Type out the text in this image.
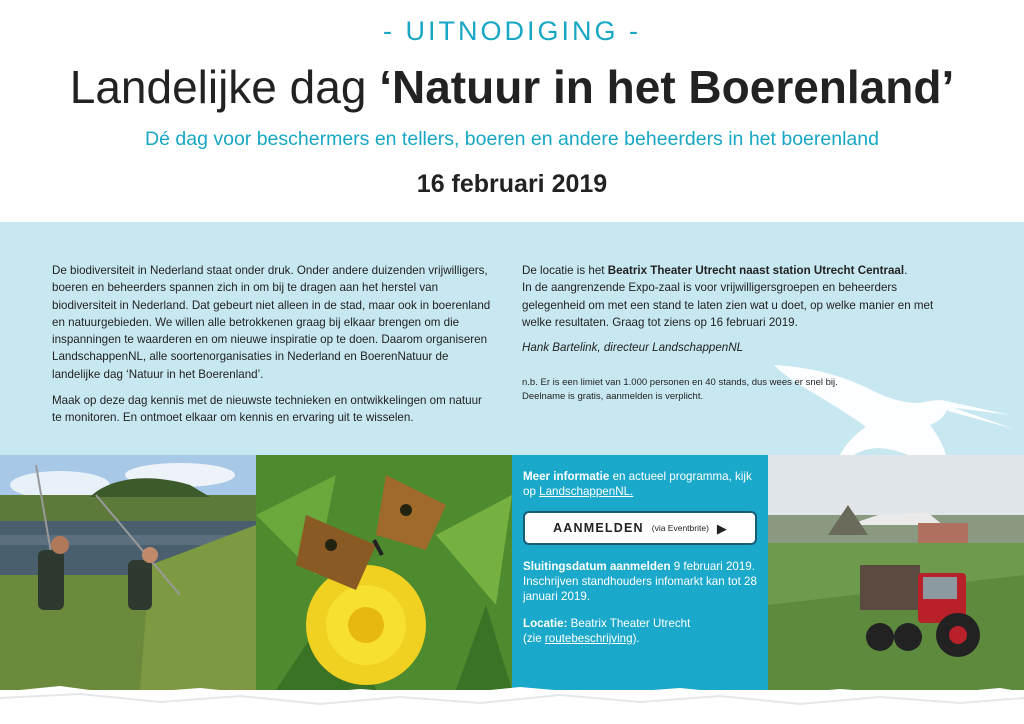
- UITNODIGING -
Landelijke dag ‘Natuur in het Boerenland’
Dé dag voor beschermers en tellers, boeren en andere beheerders in het boerenland
16 februari 2019

De biodiversiteit in Nederland staat onder druk. Onder andere duizenden vrijwilligers, boeren en beheerders spannen zich in om bij te dragen aan het herstel van biodiversiteit in Nederland. Dat gebeurt niet alleen in de stad, maar ook in boerenland en natuurgebieden. We willen alle betrokkenen graag bij elkaar brengen om die inspanningen te waarderen en om nieuwe inspiratie op te doen. Daarom organiseren LandschappenNL, alle soortenorganisaties in Nederland en BoerenNatuur de landelijke dag ‘Natuur in het Boerenland’.

Maak op deze dag kennis met de nieuwste technieken en ontwikkelingen om natuur te monitoren. En ontmoet elkaar om kennis en ervaring uit te wisselen.

De locatie is het Beatrix Theater Utrecht naast station Utrecht Centraal.
In de aangrenzende Expo-zaal is voor vrijwilligersgroepen en beheerders gelegenheid om met een stand te laten zien wat u doet, op welke manier en met welke resultaten. Graag tot ziens op 16 februari 2019.
Hank Bartelink, directeur LandschappenNL
n.b. Er is een limiet van 1.000 personen en 40 stands, dus wees er snel bij.
Deelname is gratis, aanmelden is verplicht.

Meer informatie en actueel programma, kijk op LandschappenNL.

AANMELDEN (via Eventbrite) ▶

Sluitingsdatum aanmelden 9 februari 2019. Inschrijven standhouders infomarkt kan tot 28 januari 2019.

Locatie: Beatrix Theater Utrecht
(zie routebeschrijving).
